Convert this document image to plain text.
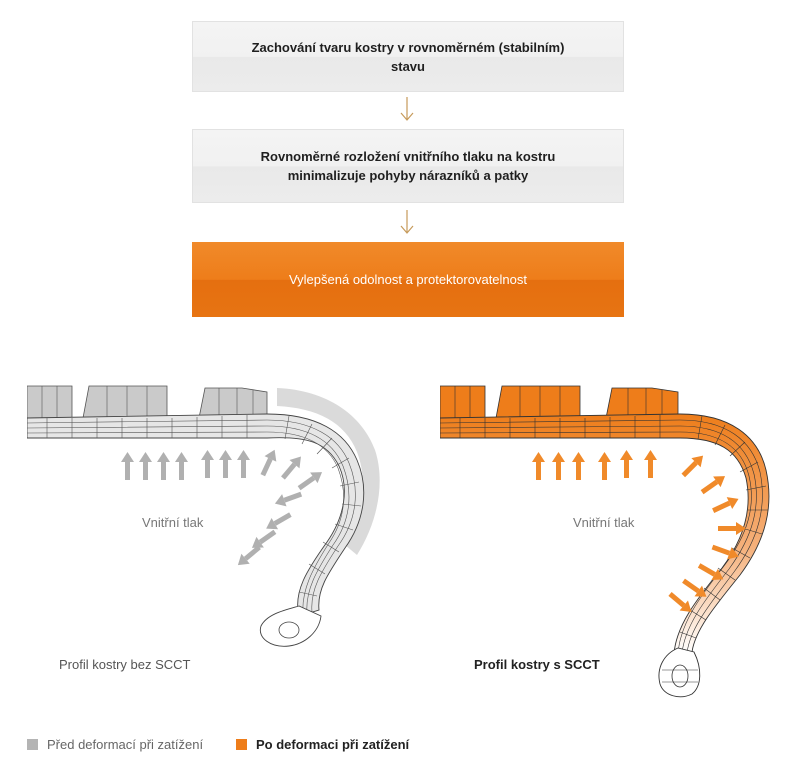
Zachování tvaru kostry v rovnoměrném (stabilním) stavu
Rovnoměrné rozložení vnitřního tlaku na kostru minimalizuje pohyby nárazníků a patky
Vylepšená odolnost a protektorovatelnost
Vnitřní tlak	Vnitřní tlak
Profil kostry bez SCCT	Profil kostry s SCCT
Před deformací při zatížení	Po deformaci při zatížení
